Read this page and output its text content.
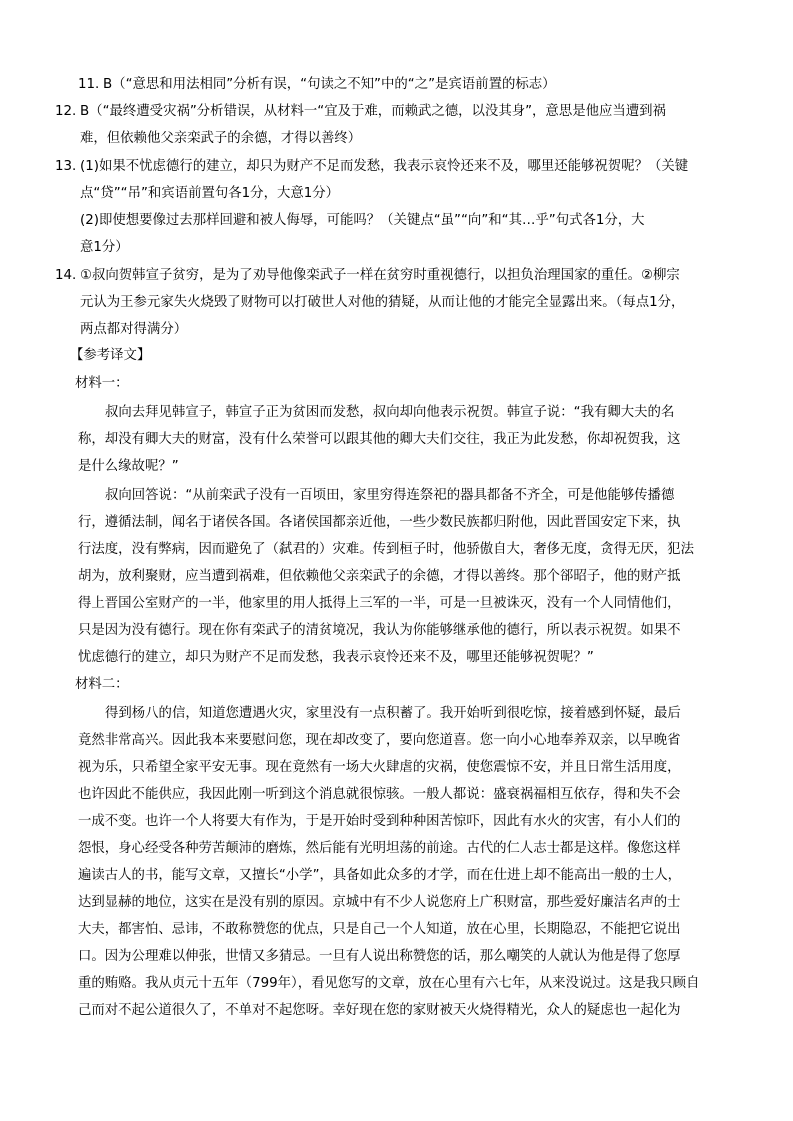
11. B（“意思和用法相同”分析有误，“句读之不知”中的“之”是宾语前置的标志）
12. B（“最终遭受灾祸”分析错误，从材料一“宜及于难，而赖武之德，以没其身”，意思是他应当遭到祸
难，但依赖他父亲栾武子的余德，才得以善终）
13. (1)如果不忧虑德行的建立，却只为财产不足而发愁，我表示哀怜还来不及，哪里还能够祝贺呢？（关键
点“贷”“吊”和宾语前置句各1分，大意1分）
(2)即使想要像过去那样回避和被人侮辱，可能吗？（关键点“虽”“向”和“其…乎”句式各1分，大
意1分）
14. ①叔向贺韩宣子贫穷，是为了劝导他像栾武子一样在贫穷时重视德行，以担负治理国家的重任。②柳宗
元认为王参元家失火烧毁了财物可以打破世人对他的猜疑，从而让他的才能完全显露出来。（每点1分，
两点都对得满分）
【参考译文】
材料一：
叔向去拜见韩宣子，韩宣子正为贫困而发愁，叔向却向他表示祝贺。韩宣子说：“我有卿大夫的名
称，却没有卿大夫的财富，没有什么荣誉可以跟其他的卿大夫们交往，我正为此发愁，你却祝贺我，这
是什么缘故呢？”
叔向回答说：“从前栾武子没有一百顷田，家里穷得连祭祀的器具都备不齐全，可是他能够传播德
行，遵循法制，闻名于诸侯各国。各诸侯国都亲近他，一些少数民族都归附他，因此晋国安定下来，执
行法度，没有弊病，因而避免了（弑君的）灾难。传到桓子时，他骄傲自大，奢侈无度，贪得无厌，犯法
胡为，放利聚财，应当遭到祸难，但依赖他父亲栾武子的余德，才得以善终。那个郤昭子，他的财产抵
得上晋国公室财产的一半，他家里的用人抵得上三军的一半，可是一旦被诛灭，没有一个人同情他们，
只是因为没有德行。现在你有栾武子的清贫境况，我认为你能够继承他的德行，所以表示祝贺。如果不
忧虑德行的建立，却只为财产不足而发愁，我表示哀怜还来不及，哪里还能够祝贺呢？”
材料二：
得到杨八的信，知道您遭遇火灾，家里没有一点积蓄了。我开始听到很吃惊，接着感到怀疑，最后
竟然非常高兴。因此我本来要慰问您，现在却改变了，要向您道喜。您一向小心地奉养双亲，以早晚省
视为乐，只希望全家平安无事。现在竟然有一场大火肆虐的灾祸，使您震惊不安，并且日常生活用度，
也许因此不能供应，我因此刚一听到这个消息就很惊骇。一般人都说：盛衰祸福相互依存，得和失不会
一成不变。也许一个人将要大有作为，于是开始时受到种种困苦惊吓，因此有水火的灾害，有小人们的
怨恨，身心经受各种劳苦颠沛的磨炼，然后能有光明坦荡的前途。古代的仁人志士都是这样。像您这样
遍读古人的书，能写文章，又擅长“小学”，具备如此众多的才学，而在仕进上却不能高出一般的士人，
达到显赫的地位，这实在是没有别的原因。京城中有不少人说您府上广积财富，那些爱好廉洁名声的士
大夫，都害怕、忌讳，不敢称赞您的优点，只是自己一个人知道，放在心里，长期隐忍，不能把它说出
口。因为公理难以伸张，世情又多猜忌。一旦有人说出称赞您的话，那么嘲笑的人就认为他是得了您厚
重的贿赂。我从贞元十五年（799年），看见您写的文章，放在心里有六七年，从来没说过。这是我只顾自
己而对不起公道很久了，不单对不起您呀。幸好现在您的家财被天火烧得精光，众人的疑虑也一起化为
